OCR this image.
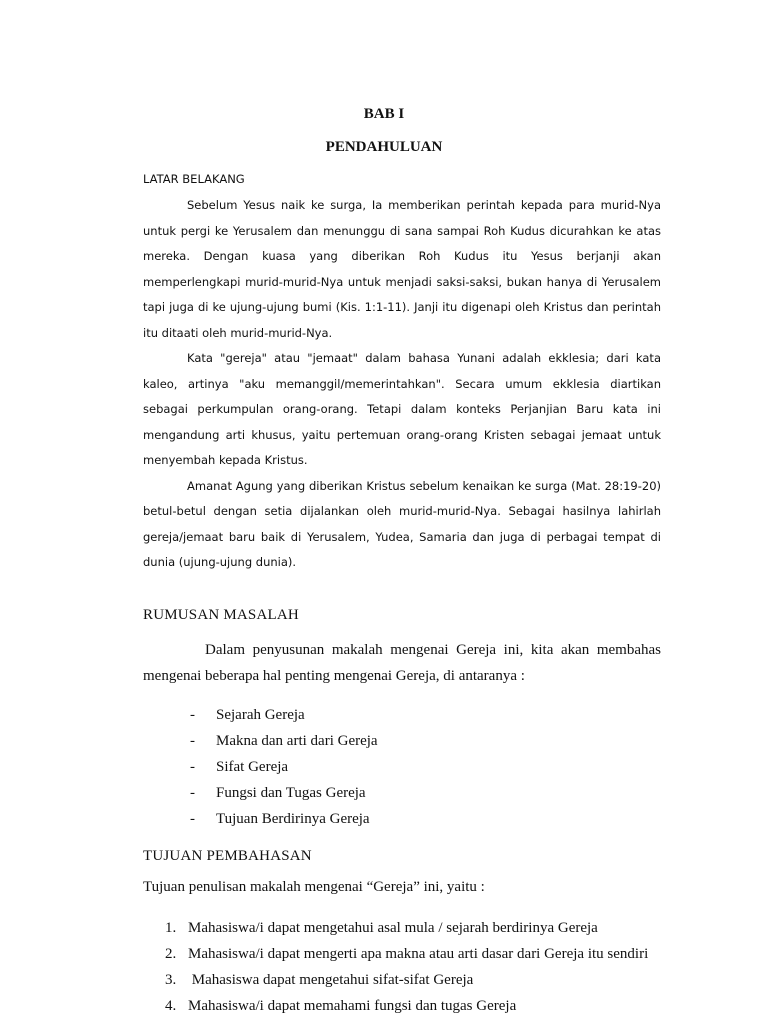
BAB I
PENDAHULUAN
LATAR BELAKANG

Sebelum Yesus naik ke surga, Ia memberikan perintah kepada para murid-Nya untuk pergi ke Yerusalem dan menunggu di sana sampai Roh Kudus dicurahkan ke atas mereka. Dengan kuasa yang diberikan Roh Kudus itu Yesus berjanji akan memperlengkapi murid-murid-Nya untuk menjadi saksi-saksi, bukan hanya di Yerusalem tapi juga di ke ujung-ujung bumi (Kis. 1:1-11). Janji itu digenapi oleh Kristus dan perintah itu ditaati oleh murid-murid-Nya.

Kata "gereja" atau "jemaat" dalam bahasa Yunani adalah ekklesia; dari kata kaleo, artinya "aku memanggil/memerintahkan". Secara umum ekklesia diartikan sebagai perkumpulan orang-orang. Tetapi dalam konteks Perjanjian Baru kata ini mengandung arti khusus, yaitu pertemuan orang-orang Kristen sebagai jemaat untuk menyembah kepada Kristus.

Amanat Agung yang diberikan Kristus sebelum kenaikan ke surga (Mat. 28:19-20) betul-betul dengan setia dijalankan oleh murid-murid-Nya. Sebagai hasilnya lahirlah gereja/jemaat baru baik di Yerusalem, Yudea, Samaria dan juga di perbagai tempat di dunia (ujung-ujung dunia).

RUMUSAN MASALAH

Dalam penyusunan makalah mengenai Gereja ini, kita akan membahas mengenai beberapa hal penting mengenai Gereja, di antaranya :

- Sejarah Gereja
- Makna dan arti dari Gereja
- Sifat Gereja
- Fungsi dan Tugas Gereja
- Tujuan Berdirinya Gereja
TUJUAN PEMBAHASAN
Tujuan penulisan makalah mengenai “Gereja” ini, yaitu :
1. Mahasiswa/i dapat mengetahui asal mula / sejarah berdirinya Gereja
2. Mahasiswa/i dapat mengerti apa makna atau arti dasar dari Gereja itu sendiri
3. Mahasiswa dapat mengetahui sifat-sifat Gereja
4. Mahasiswa/i dapat memahami fungsi dan tugas Gereja
